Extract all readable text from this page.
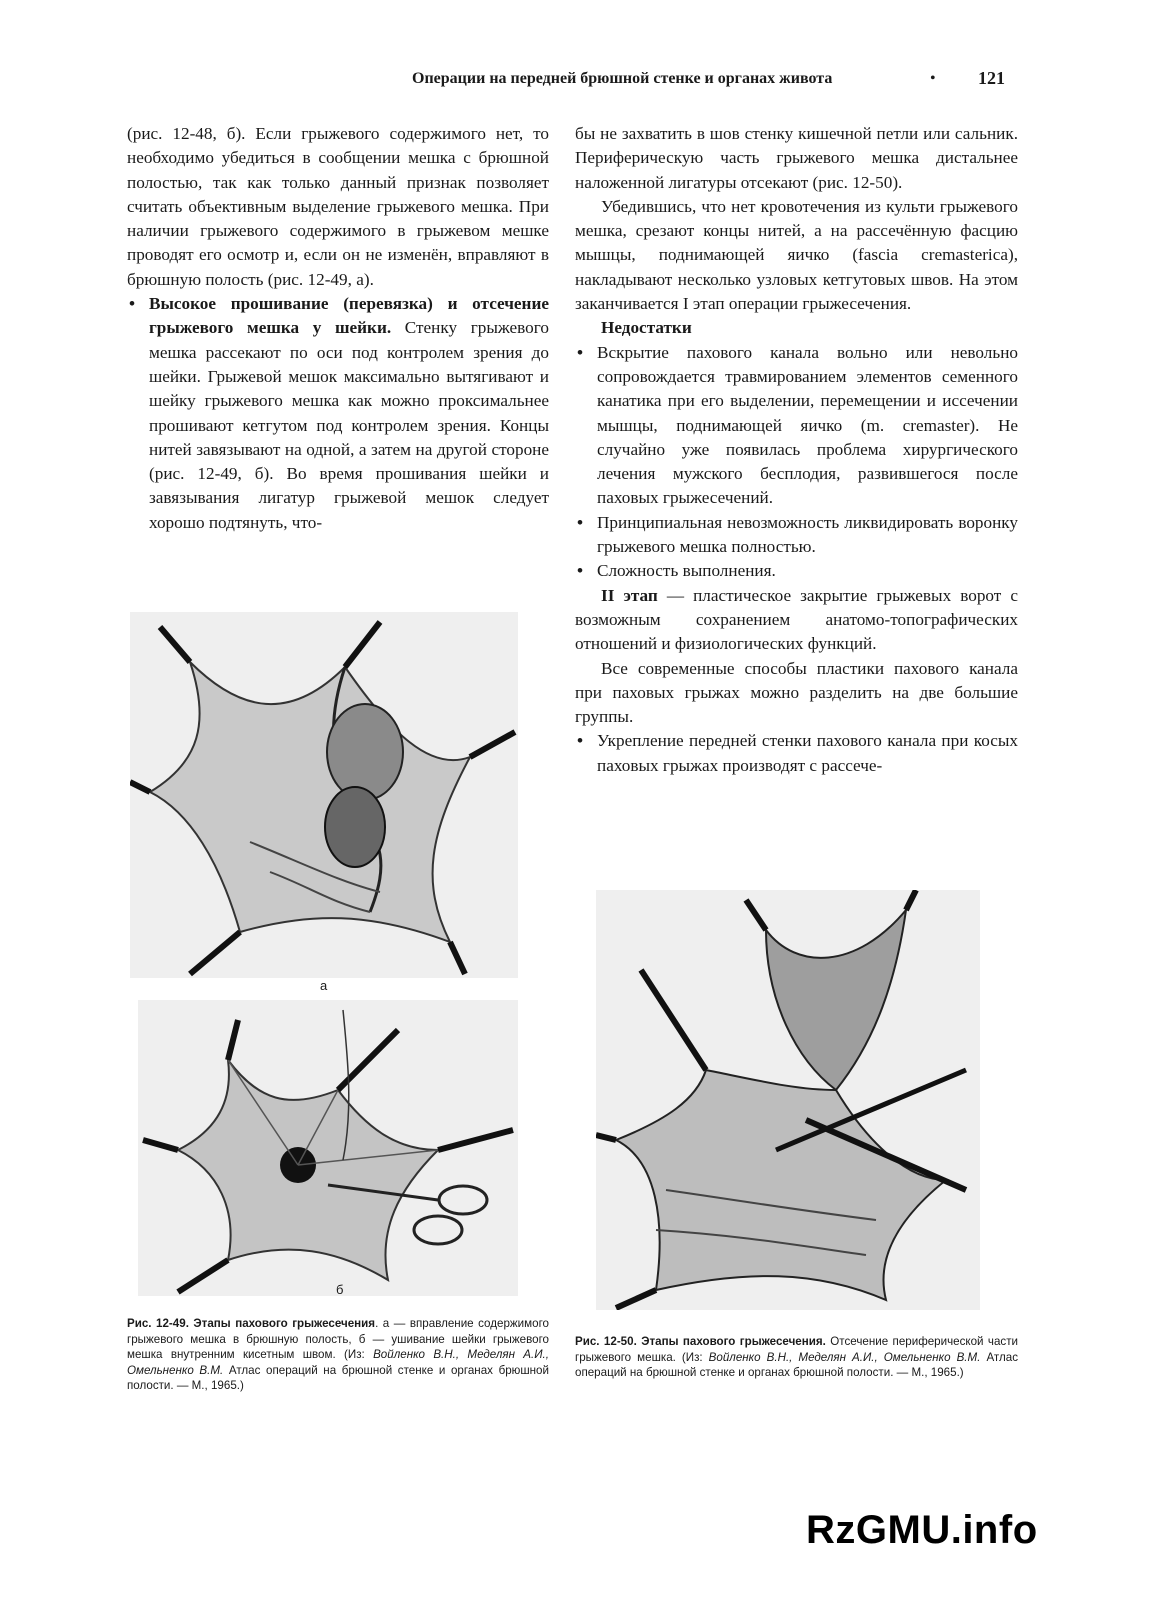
Операции на передней брюшной стенке и органах живота	• 121

(рис. 12-48, б). Если грыжевого содержимого нет, то необходимо убедиться в сообщении мешка с брюшной полостью, так как только данный признак позволяет считать объективным выделение грыжевого мешка. При наличии грыжевого содержимого в грыжевом мешке проводят его осмотр и, если он не изменён, вправляют в брюшную полость (рис. 12-49, а).

• Высокое прошивание (перевязка) и отсечение грыжевого мешка у шейки. Стенку грыжевого мешка рассекают по оси под контролем зрения до шейки. Грыжевой мешок максимально вытягивают и шейку грыжевого мешка как можно проксимальнее прошивают кетгутом под контролем зрения. Концы нитей завязывают на одной, а затем на другой стороне (рис. 12-49, б). Во время прошивания шейки и завязывания лигатур грыжевой мешок следует хорошо подтянуть, что-

бы не захватить в шов стенку кишечной петли или сальник. Периферическую часть грыжевого мешка дистальнее наложенной лигатуры отсекают (рис. 12-50).

Убедившись, что нет кровотечения из культи грыжевого мешка, срезают концы нитей, а на рассечённую фасцию мышцы, поднимающей яичко (fascia cremasterica), накладывают несколько узловых кетгутовых швов. На этом заканчивается I этап операции грыжесечения.

Недостатки

• Вскрытие пахового канала вольно или невольно сопровождается травмированием элементов семенного канатика при его выделении, перемещении и иссечении мышцы, поднимающей яичко (m. cremaster). Не случайно уже появилась проблема хирургического лечения мужского бесплодия, развившегося после паховых грыжесечений.

• Принципиальная невозможность ликвидировать воронку грыжевого мешка полностью.

• Сложность выполнения.

II этап — пластическое закрытие грыжевых ворот с возможным сохранением анатомо-топографических отношений и физиологических функций.

Все современные способы пластики пахового канала при паховых грыжах можно разделить на две большие группы.

• Укрепление передней стенки пахового канала при косых паховых грыжах производят с рассече-

а
б
Рис. 12-49. Этапы пахового грыжесечения. а — вправление содержимого грыжевого мешка в брюшную полость, б — ушивание шейки грыжевого мешка внутренним кисетным швом. (Из: Войленко В.Н., Меделян А.И., Омельненко В.М. Атлас операций на брюшной стенке и органах брюшной полости. — М., 1965.)
Рис. 12-50. Этапы пахового грыжесечения. Отсечение периферической части грыжевого мешка. (Из: Войленко В.Н., Меделян А.И., Омельненко В.М. Атлас операций на брюшной стенке и органах брюшной полости. — М., 1965.)
RzGMU.info
